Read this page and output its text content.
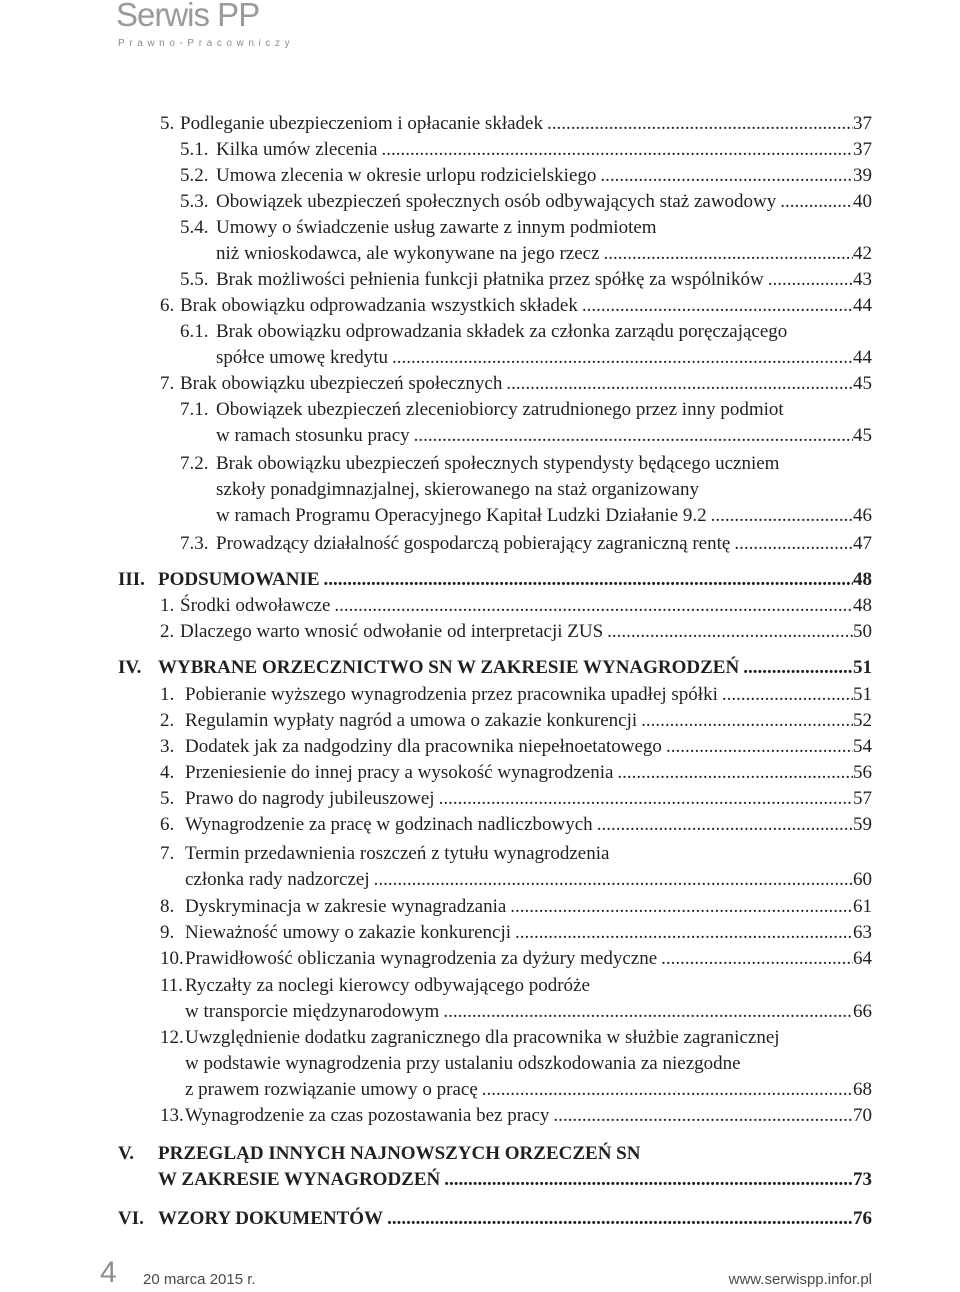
Serwis PP
Prawno-Pracowniczy
5. Podleganie ubezpieczeniom i opłacanie składek .....	37
5.1. Kilka umów zlecenia .....	37
5.2. Umowa zlecenia w okresie urlopu rodzicielskiego .....	39
5.3. Obowiązek ubezpieczeń społecznych osób odbywających staż zawodowy .....	40
5.4. Umowy o świadczenie usług zawarte z innym podmiotem
niż wnioskodawca, ale wykonywane na jego rzecz .....	42
5.5. Brak możliwości pełnienia funkcji płatnika przez spółkę za wspólników .....	43
6. Brak obowiązku odprowadzania wszystkich składek .....	44
6.1. Brak obowiązku odprowadzania składek za członka zarządu poręczającego
spółce umowę kredytu .....	44
7. Brak obowiązku ubezpieczeń społecznych .....	45
7.1. Obowiązek ubezpieczeń zleceniobiorcy zatrudnionego przez inny podmiot
w ramach stosunku pracy .....	45
7.2. Brak obowiązku ubezpieczeń społecznych stypendysty będącego uczniem
szkoły ponadgimnazjalnej, skierowanego na staż organizowany
w ramach Programu Operacyjnego Kapitał Ludzki Działanie 9.2 .....	46
7.3. Prowadzący działalność gospodarczą pobierający zagraniczną rentę .....	47
III. PODSUMOWANIE .....	48
1. Środki odwoławcze .....	48
2. Dlaczego warto wnosić odwołanie od interpretacji ZUS .....	50
IV. WYBRANE ORZECZNICTWO SN W ZAKRESIE WYNAGRODZEŃ .....	51
1. Pobieranie wyższego wynagrodzenia przez pracownika upadłej spółki .....	51
2. Regulamin wypłaty nagród a umowa o zakazie konkurencji .....	52
3. Dodatek jak za nadgodziny dla pracownika niepełnoetatowego .....	54
4. Przeniesienie do innej pracy a wysokość wynagrodzenia .....	56
5. Prawo do nagrody jubileuszowej .....	57
6. Wynagrodzenie za pracę w godzinach nadliczbowych .....	59
7. Termin przedawnienia roszczeń z tytułu wynagrodzenia
członka rady nadzorczej .....	60
8. Dyskryminacja w zakresie wynagradzania .....	61
9. Nieważność umowy o zakazie konkurencji .....	63
10. Prawidłowość obliczania wynagrodzenia za dyżury medyczne .....	64
11. Ryczałty za noclegi kierowcy odbywającego podróże
w transporcie międzynarodowym .....	66
12. Uwzględnienie dodatku zagranicznego dla pracownika w służbie zagranicznej
w podstawie wynagrodzenia przy ustalaniu odszkodowania za niezgodne
z prawem rozwiązanie umowy o pracę .....	68
13. Wynagrodzenie za czas pozostawania bez pracy .....	70
V. PRZEGLĄD INNYCH NAJNOWSZYCH ORZECZEŃ SN
W ZAKRESIE WYNAGRODZEŃ .....	73
VI. WZORY DOKUMENTÓW .....	76
4 20 marca 2015 r.	www.serwispp.infor.pl
